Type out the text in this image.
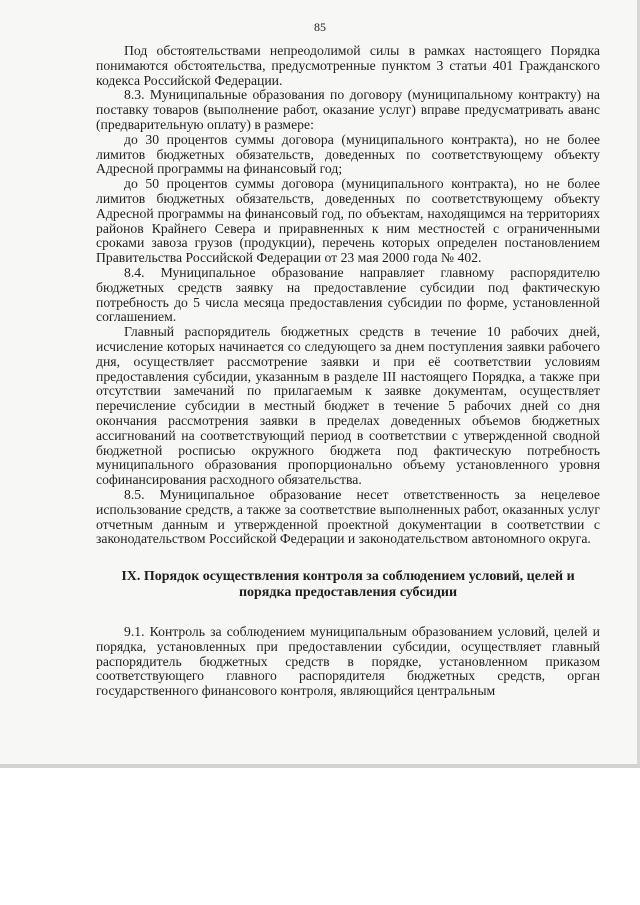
85

Под обстоятельствами непреодолимой силы в рамках настоящего Порядка понимаются обстоятельства, предусмотренные пунктом 3 статьи 401 Гражданского кодекса Российской Федерации.

8.3. Муниципальные образования по договору (муниципальному контракту) на поставку товаров (выполнение работ, оказание услуг) вправе предусматривать аванс (предварительную оплату) в размере:

до 30 процентов суммы договора (муниципального контракта), но не более лимитов бюджетных обязательств, доведенных по соответствующему объекту Адресной программы на финансовый год;

до 50 процентов суммы договора (муниципального контракта), но не более лимитов бюджетных обязательств, доведенных по соответствующему объекту Адресной программы на финансовый год, по объектам, находящимся на территориях районов Крайнего Севера и приравненных к ним местностей с ограниченными сроками завоза грузов (продукции), перечень которых определен постановлением Правительства Российской Федерации от 23 мая 2000 года № 402.

8.4. Муниципальное образование направляет главному распорядителю бюджетных средств заявку на предоставление субсидии под фактическую потребность до 5 числа месяца предоставления субсидии по форме, установленной соглашением.

Главный распорядитель бюджетных средств в течение 10 рабочих дней, исчисление которых начинается со следующего за днем поступления заявки рабочего дня, осуществляет рассмотрение заявки и при её соответствии условиям предоставления субсидии, указанным в разделе III настоящего Порядка, а также при отсутствии замечаний по прилагаемым к заявке документам, осуществляет перечисление субсидии в местный бюджет в течение 5 рабочих дней со дня окончания рассмотрения заявки в пределах доведенных объемов бюджетных ассигнований на соответствующий период в соответствии с утвержденной сводной бюджетной росписью окружного бюджета под фактическую потребность муниципального образования пропорционально объему установленного уровня софинансирования расходного обязательства.

8.5. Муниципальное образование несет ответственность за нецелевое использование средств, а также за соответствие выполненных работ, оказанных услуг отчетным данным и утвержденной проектной документации в соответствии с законодательством Российской Федерации и законодательством автономного округа.

IX. Порядок осуществления контроля за соблюдением условий, целей и порядка предоставления субсидии

9.1. Контроль за соблюдением муниципальным образованием условий, целей и порядка, установленных при предоставлении субсидии, осуществляет главный распорядитель бюджетных средств в порядке, установленном приказом соответствующего главного распорядителя бюджетных средств, орган государственного финансового контроля, являющийся центральным
